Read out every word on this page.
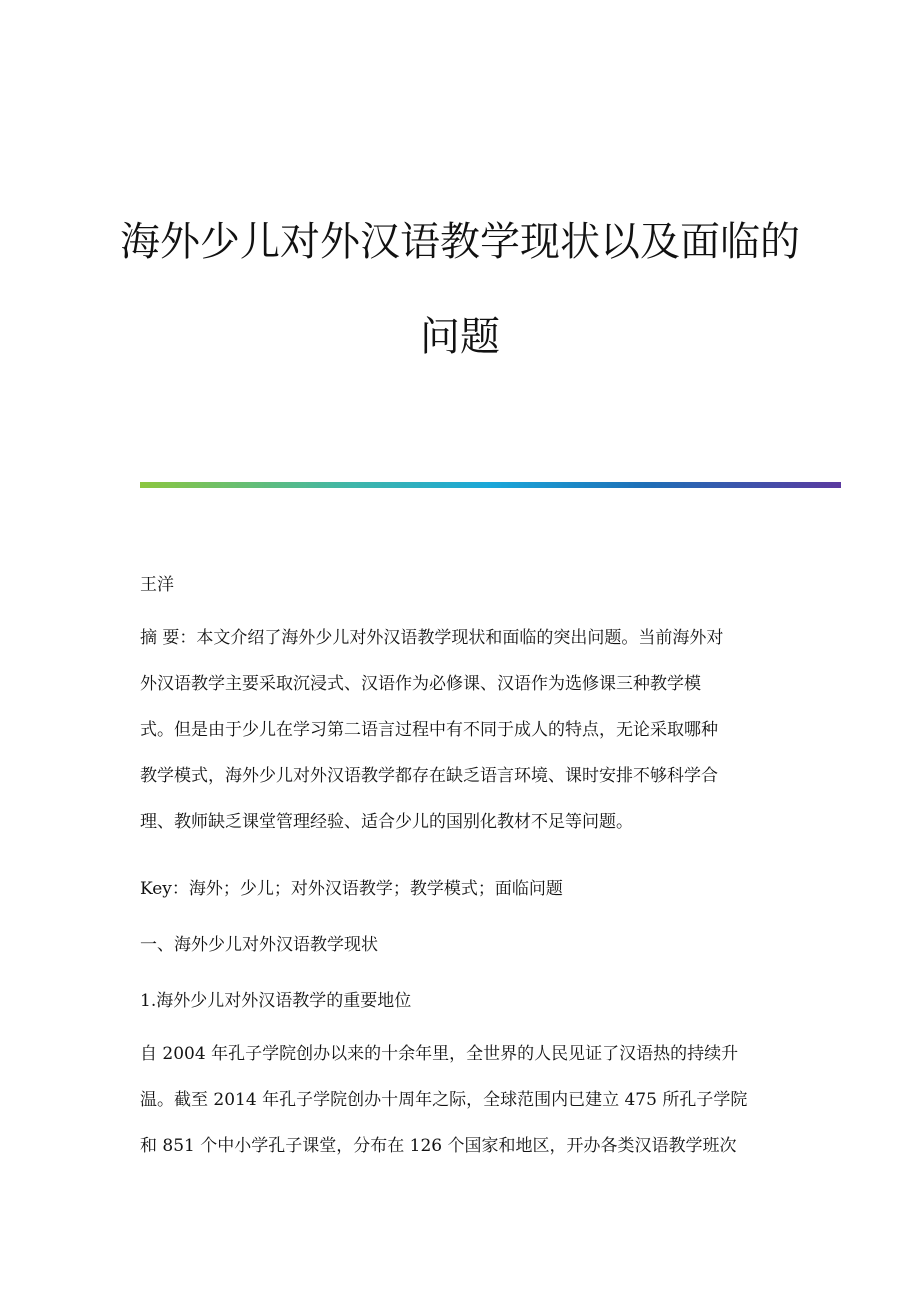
海外少儿对外汉语教学现状以及面临的
问题
王洋
摘 要：本文介绍了海外少儿对外汉语教学现状和面临的突出问题。当前海外对
外汉语教学主要采取沉浸式、汉语作为必修课、汉语作为选修课三种教学模
式。但是由于少儿在学习第二语言过程中有不同于成人的特点，无论采取哪种
教学模式，海外少儿对外汉语教学都存在缺乏语言环境、课时安排不够科学合
理、教师缺乏课堂管理经验、适合少儿的国别化教材不足等问题。
Key：海外；少儿；对外汉语教学；教学模式；面临问题
一、海外少儿对外汉语教学现状
1.海外少儿对外汉语教学的重要地位
自 2004 年孔子学院创办以来的十余年里，全世界的人民见证了汉语热的持续升
温。截至 2014 年孔子学院创办十周年之际，全球范围内已建立 475 所孔子学院
和 851 个中小学孔子课堂，分布在 126 个国家和地区，开办各类汉语教学班次
